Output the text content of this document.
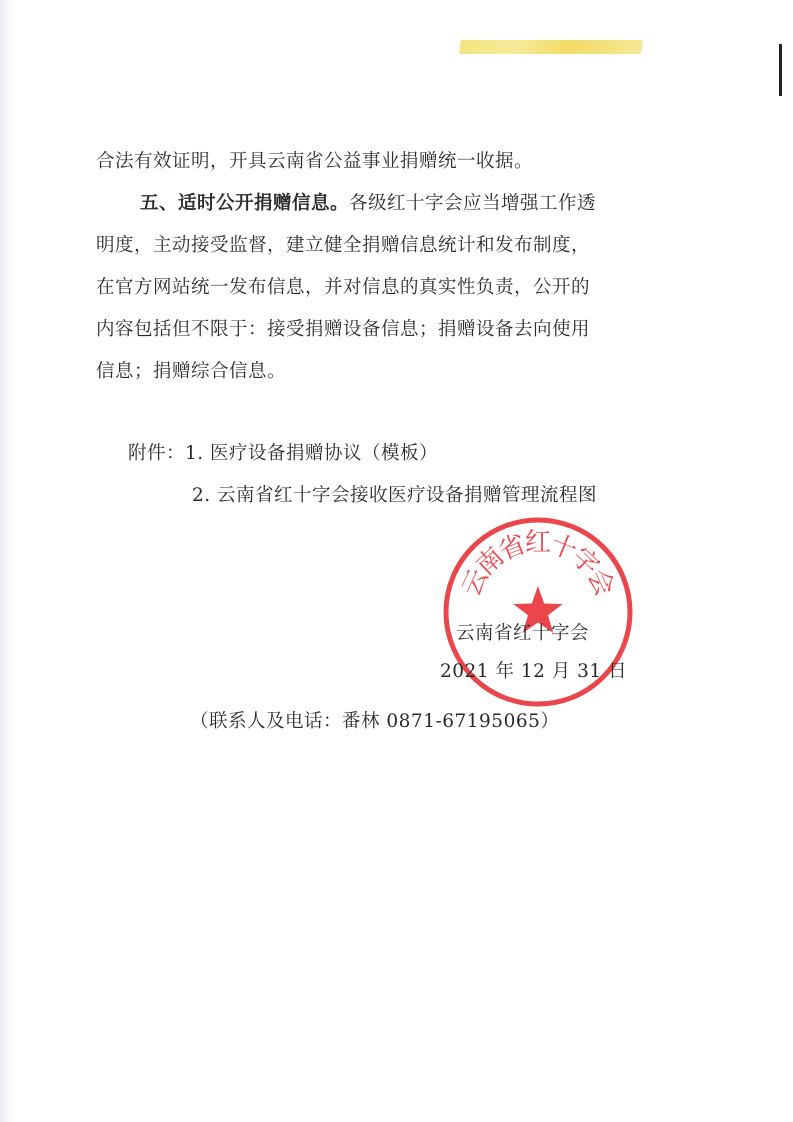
合法有效证明，开具云南省公益事业捐赠统一收据。
五、适时公开捐赠信息。各级红十字会应当增强工作透
明度，主动接受监督，建立健全捐赠信息统计和发布制度，
在官方网站统一发布信息，并对信息的真实性负责，公开的
内容包括但不限于：接受捐赠设备信息；捐赠设备去向使用
信息；捐赠综合信息。
附件：1. 医疗设备捐赠协议（模板）
2. 云南省红十字会接收医疗设备捐赠管理流程图
云
南
省
红
十
字
会
云南省红十字会
2021 年 12 月 31 日
（联系人及电话：番林 0871-67195065）
